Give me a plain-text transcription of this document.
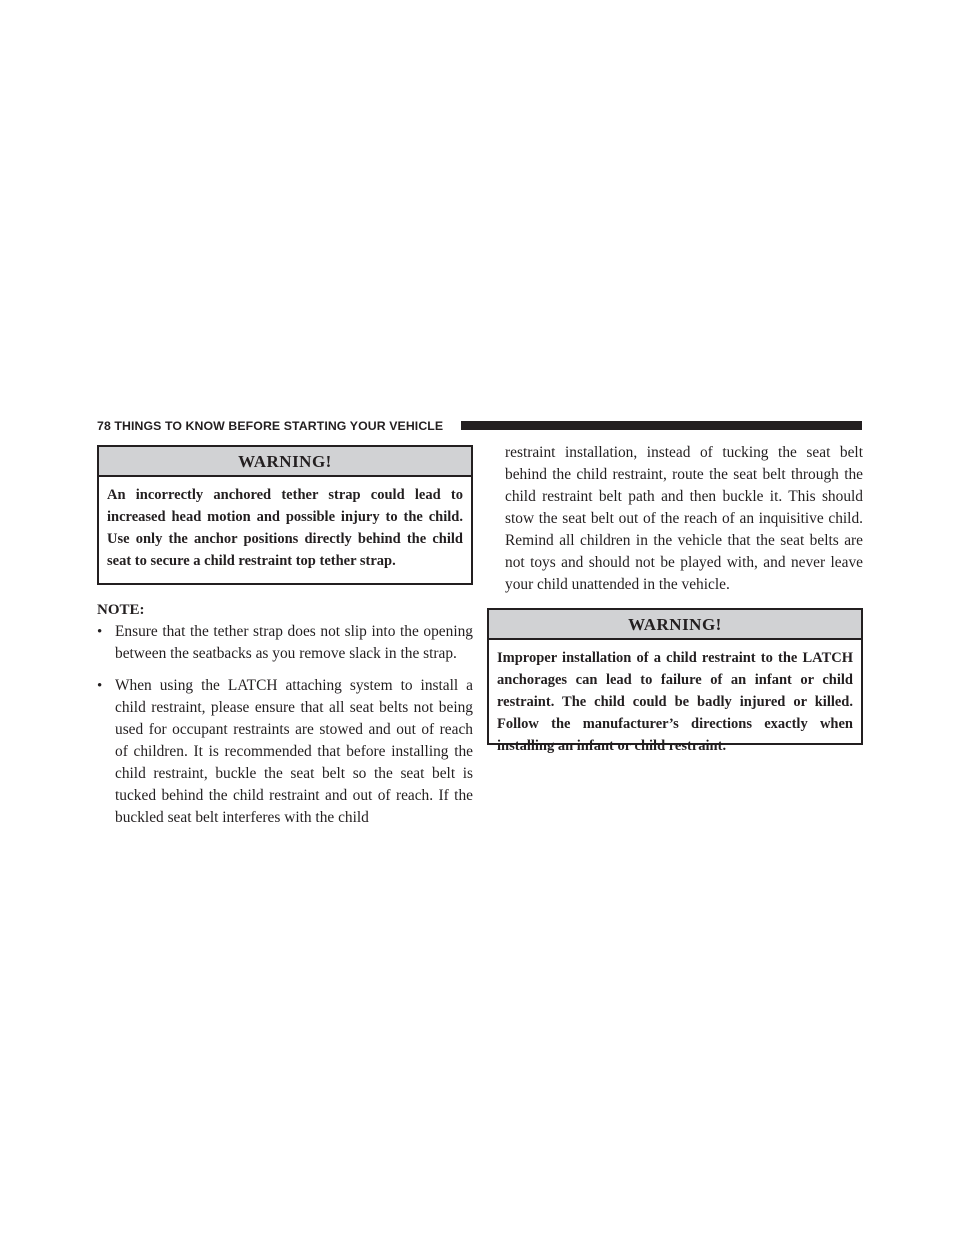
78 THINGS TO KNOW BEFORE STARTING YOUR VEHICLE
WARNING!
An incorrectly anchored tether strap could lead to increased head motion and possible injury to the child. Use only the anchor positions directly behind the child seat to secure a child restraint top tether strap.
NOTE:
• Ensure that the tether strap does not slip into the opening between the seatbacks as you remove slack in the strap.
• When using the LATCH attaching system to install a child restraint, please ensure that all seat belts not being used for occupant restraints are stowed and out of reach of children. It is recommended that before installing the child restraint, buckle the seat belt so the seat belt is tucked behind the child restraint and out of reach. If the buckled seat belt interferes with the child
restraint installation, instead of tucking the seat belt behind the child restraint, route the seat belt through the child restraint belt path and then buckle it. This should stow the seat belt out of the reach of an inquisitive child. Remind all children in the vehicle that the seat belts are not toys and should not be played with, and never leave your child unattended in the vehicle.
WARNING!
Improper installation of a child restraint to the LATCH anchorages can lead to failure of an infant or child restraint. The child could be badly injured or killed. Follow the manufacturer’s directions exactly when installing an infant or child restraint.
